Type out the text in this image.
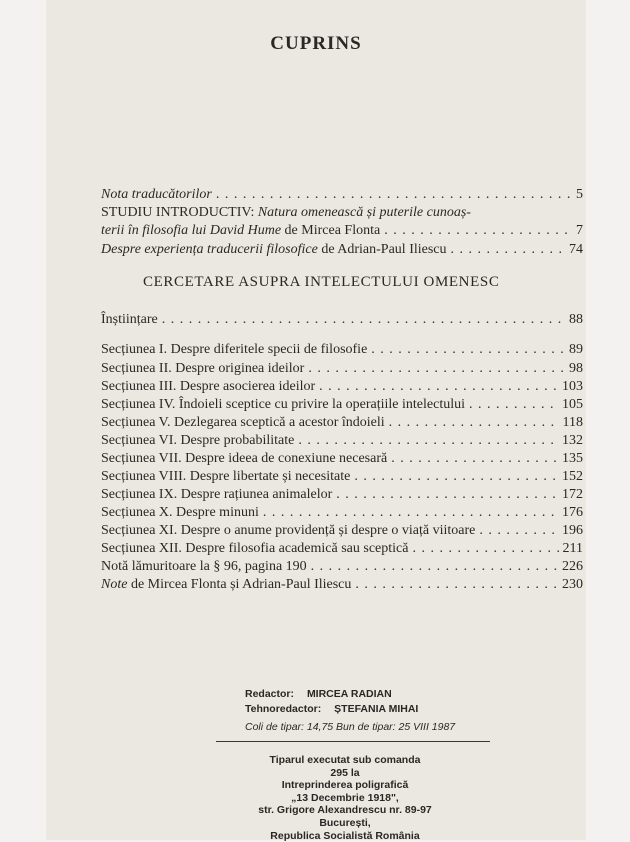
CUPRINS
Nota traducătorilor . . .	5
STUDIU INTRODUCTIV: Natura omenească și puterile cunoaș-
terii în filosofia lui David Hume de Mircea Flonta . . .	7
Despre experiența traducerii filosofice de Adrian-Paul Iliescu . . .	74
CERCETARE ASUPRA INTELECTULUI OMENESC
Înștiințare . . .	88
Secțiunea I. Despre diferitele specii de filosofie . . .	89
Secțiunea II. Despre originea ideilor . . .	98
Secțiunea III. Despre asocierea ideilor . . .	103
Secțiunea IV. Îndoieli sceptice cu privire la operațiile intelectului . . .	105
Secțiunea V. Dezlegarea sceptică a acestor îndoieli . . .	118
Secțiunea VI. Despre probabilitate . . .	132
Secțiunea VII. Despre ideea de conexiune necesară . . .	135
Secțiunea VIII. Despre libertate și necesitate . . .	152
Secțiunea IX. Despre rațiunea animalelor . . .	172
Secțiunea X. Despre minuni . . .	176
Secțiunea XI. Despre o anume providență și despre o viață viitoare . . .	196
Secțiunea XII. Despre filosofia academică sau sceptică . . .	211
Notă lămuritoare la § 96, pagina 190 . . .	226
Note de Mircea Flonta și Adrian-Paul Iliescu . . .	230
Redactor: MIRCEA RADIAN
Tehnoredactor: ȘTEFANIA MIHAI
Coli de tipar: 14,75 Bun de tipar: 25 VIII 1987
Tiparul executat sub comanda
295 la
Intreprinderea poligrafică
„13 Decembrie 1918",
str. Grigore Alexandrescu nr. 89-97
București,
Republica Socialistă România
